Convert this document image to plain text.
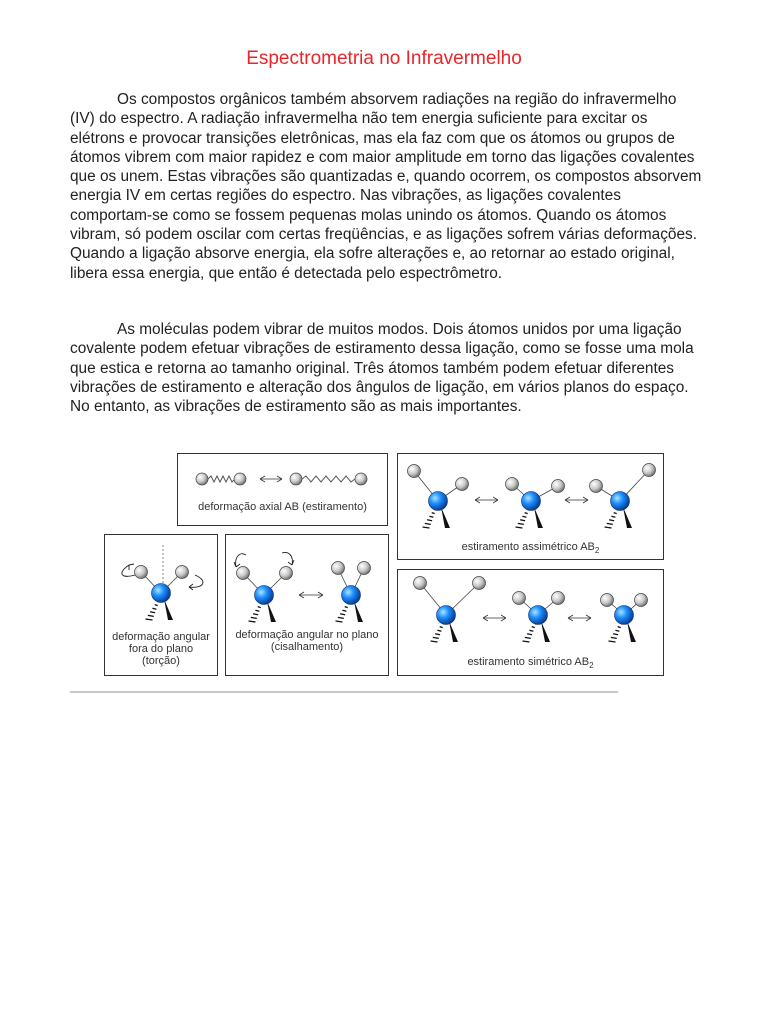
Espectrometria no Infravermelho

Os compostos orgânicos também absorvem radiações na região do infravermelho (IV) do espectro. A radiação infravermelha não tem energia suficiente para excitar os elétrons e provocar transições eletrônicas, mas ela faz com que os átomos ou grupos de átomos vibrem com maior rapidez e com maior amplitude em torno das ligações covalentes que os unem. Estas vibrações são quantizadas e, quando ocorrem, os compostos absorvem energia IV em certas regiões do espectro. Nas vibrações, as ligações covalentes comportam-se como se fossem pequenas molas unindo os átomos. Quando os átomos vibram, só podem oscilar com certas freqüências, e as ligações sofrem várias deformações. Quando a ligação absorve energia, ela sofre alterações e, ao retornar ao estado original, libera essa energia, que então é detectada pelo espectrômetro.

As moléculas podem vibrar de muitos modos. Dois átomos unidos por uma ligação covalente podem efetuar vibrações de estiramento dessa ligação, como se fosse uma mola que estica e retorna ao tamanho original. Três átomos também podem efetuar diferentes vibrações de estiramento e alteração dos ângulos de ligação, em vários planos do espaço. No entanto, as vibrações de estiramento são as mais importantes.

deformação axial AB (estiramento)
estiramento assimétrico $AB_2$
deformação angular
fora do plano
(torção)
deformação angular no plano
(cisalhamento)
estiramento simétrico $AB_2$
